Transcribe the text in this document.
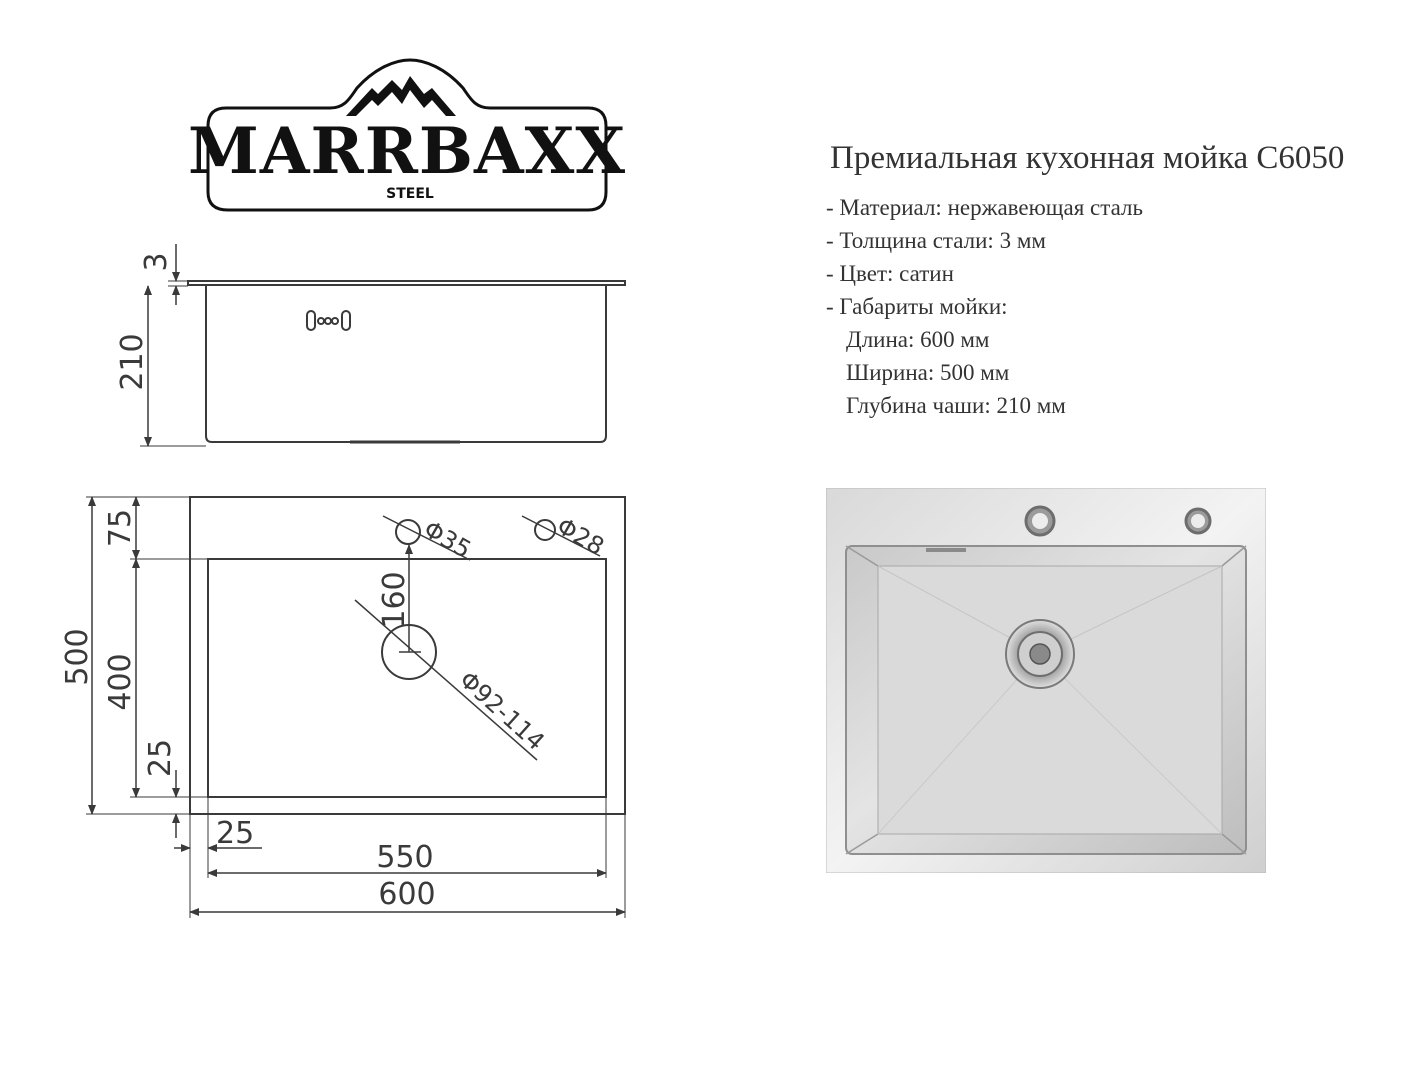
MARRBAXX
STEEL
3
210
500
75
400
25
160
Φ35	Φ28
Φ92-114
25
550
600
Премиальная кухонная мойка C6050
- Материал: нержавеющая сталь
- Толщина стали: 3 мм
- Цвет: сатин
- Габариты мойки:
Длина: 600 мм
Ширина: 500 мм
Глубина чаши: 210 мм
